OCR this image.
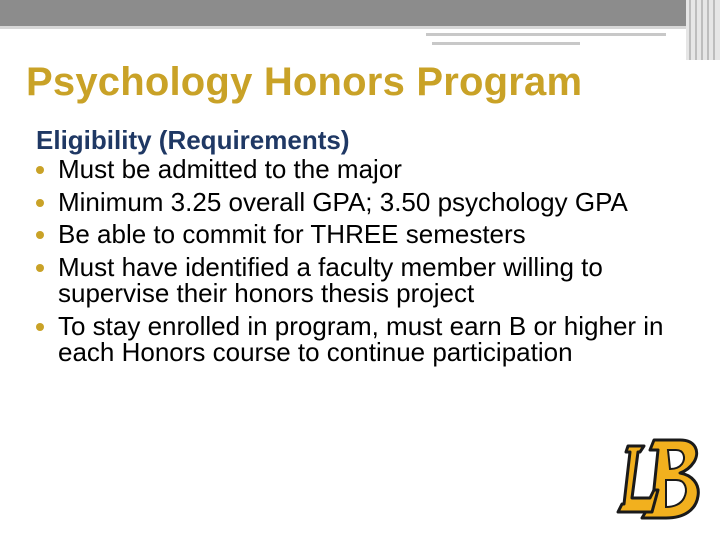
Psychology Honors Program
Eligibility (Requirements)
Must be admitted to the major
Minimum 3.25 overall GPA; 3.50 psychology GPA
Be able to commit for THREE semesters
Must have identified a faculty member willing to supervise their honors thesis project
To stay enrolled in program, must earn B or higher in each Honors course to continue participation
